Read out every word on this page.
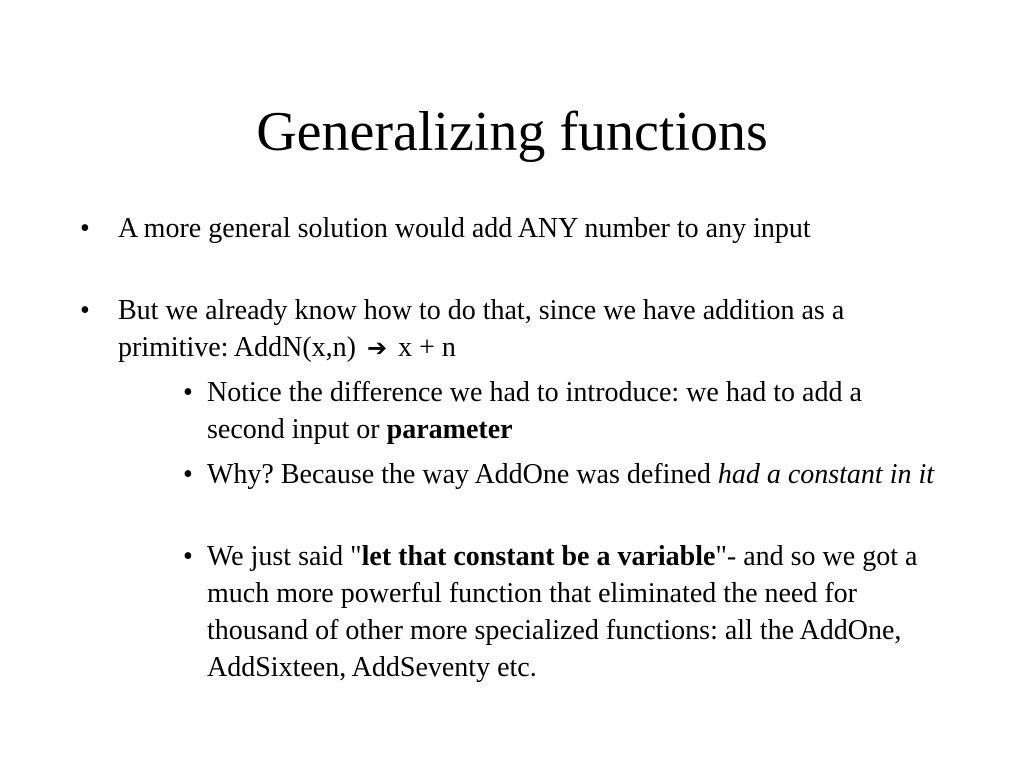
Generalizing functions
• A more general solution would add ANY number to any input
• But we already know how to do that, since we have addition as a primitive: AddN(x,n) ➔ x + n
• Notice the difference we had to introduce: we had to add a second input or parameter
• Why? Because the way AddOne was defined had a constant in it
• We just said "let that constant be a variable"- and so we got a much more powerful function that eliminated the need for thousand of other more specialized functions: all the AddOne, AddSixteen, AddSeventy etc.
